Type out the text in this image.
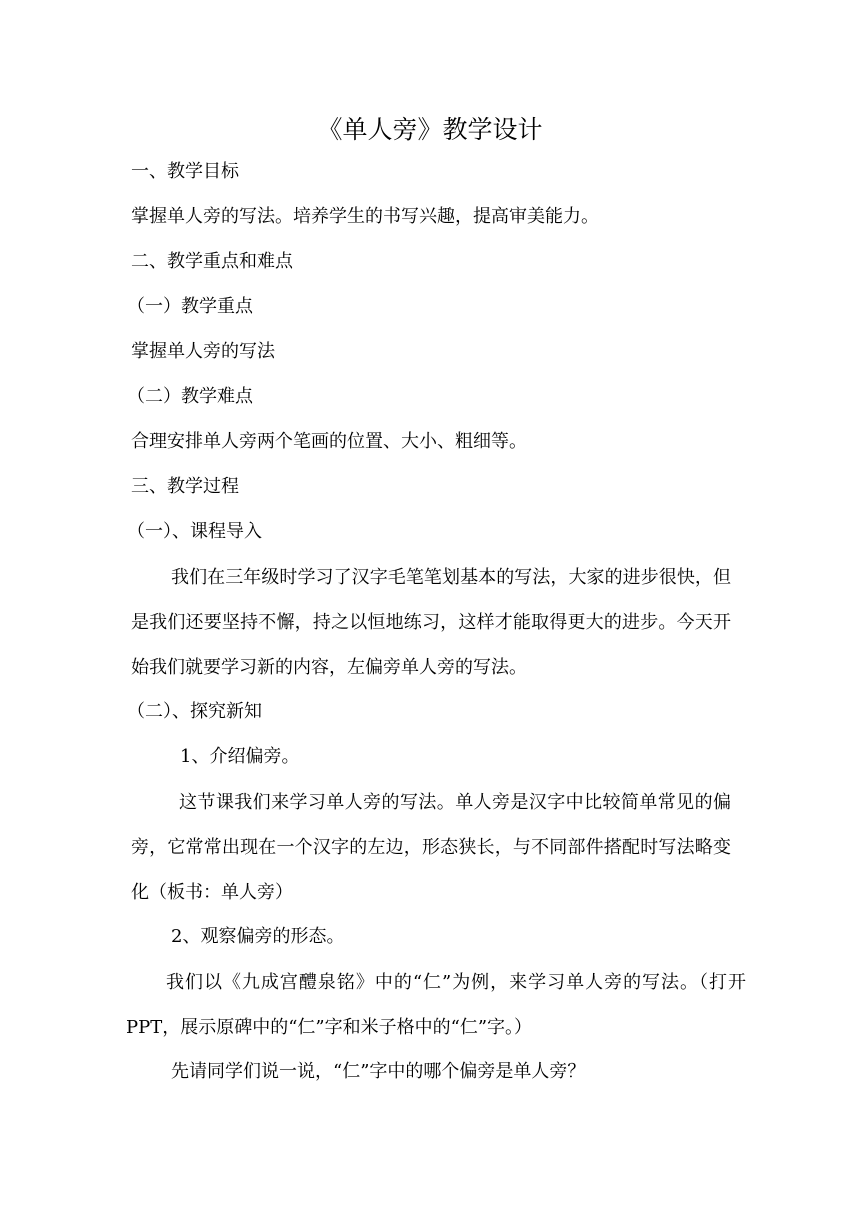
《单人旁》教学设计
一、教学目标
掌握单人旁的写法。培养学生的书写兴趣，提高审美能力。
二、教学重点和难点
（一）教学重点
掌握单人旁的写法
（二）教学难点
合理安排单人旁两个笔画的位置、大小、粗细等。
三、教学过程
（一）、课程导入
我们在三年级时学习了汉字毛笔笔划基本的写法，大家的进步很快，但是我们还要坚持不懈，持之以恒地练习，这样才能取得更大的进步。今天开始我们就要学习新的内容，左偏旁单人旁的写法。
（二）、探究新知
1、介绍偏旁。
这节课我们来学习单人旁的写法。单人旁是汉字中比较简单常见的偏旁，它常常出现在一个汉字的左边，形态狭长，与不同部件搭配时写法略变化（板书：单人旁）
2、观察偏旁的形态。
我们以《九成宫醴泉铭》中的“仁”为例，来学习单人旁的写法。（打开 PPT，展示原碑中的“仁”字和米子格中的“仁”字。）
先请同学们说一说，“仁”字中的哪个偏旁是单人旁？
